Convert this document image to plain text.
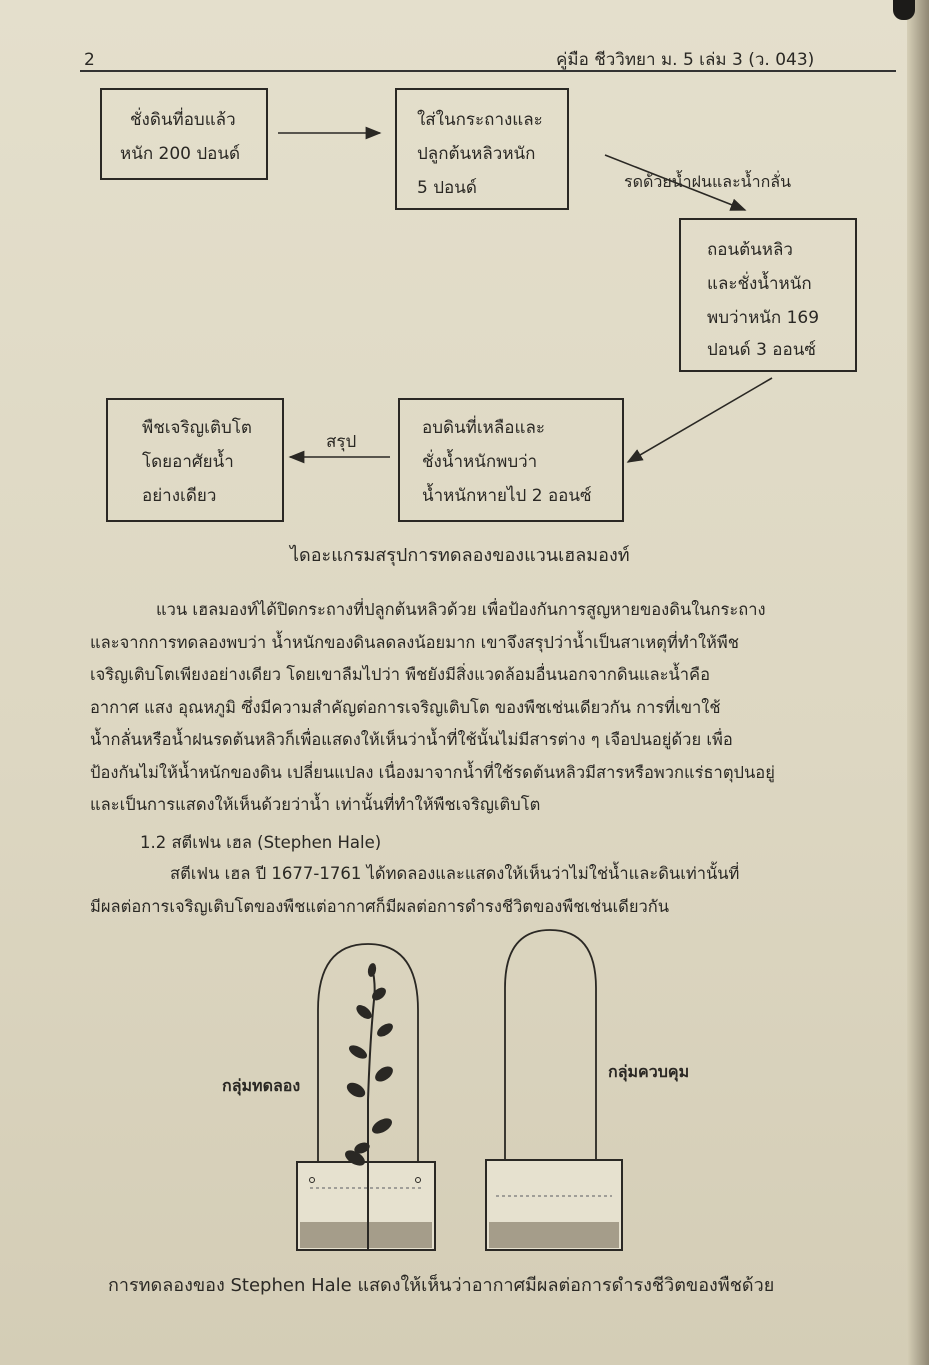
2	คู่มือ ชีววิทยา ม. 5 เล่ม 3 (ว. 043)
ชั่งดินที่อบแล้ว
หนัก 200 ปอนด์
ใส่ในกระถางและ
ปลูกต้นหลิวหนัก
5 ปอนด์	รดด้วยน้ำฝนและน้ำกลั่น
ถอนต้นหลิว
และชั่งน้ำหนัก
พบว่าหนัก 169
ปอนด์ 3 ออนซ์
อบดินที่เหลือและ
ชั่งน้ำหนักพบว่า
น้ำหนักหายไป 2 ออนซ์
สรุป
พืชเจริญเติบโต
โดยอาศัยน้ำ
อย่างเดียว
ไดอะแกรมสรุปการทดลองของแวนเฮลมองท์

แวน เฮลมองท์ได้ปิดกระถางที่ปลูกต้นหลิวด้วย เพื่อป้องกันการสูญหายของดินในกระถาง

และจากการทดลองพบว่า น้ำหนักของดินลดลงน้อยมาก เขาจึงสรุปว่าน้ำเป็นสาเหตุที่ทำให้พืช

เจริญเติบโตเพียงอย่างเดียว โดยเขาลืมไปว่า พืชยังมีสิ่งแวดล้อมอื่นนอกจากดินและน้ำคือ

อากาศ แสง อุณหภูมิ ซึ่งมีความสำคัญต่อการเจริญเติบโต ของพืชเช่นเดียวกัน การที่เขาใช้

น้ำกลั่นหรือน้ำฝนรดต้นหลิวก็เพื่อแสดงให้เห็นว่าน้ำที่ใช้นั้นไม่มีสารต่าง ๆ เจือปนอยู่ด้วย เพื่อ

ป้องกันไม่ให้น้ำหนักของดิน เปลี่ยนแปลง เนื่องมาจากน้ำที่ใช้รดต้นหลิวมีสารหรือพวกแร่ธาตุปนอยู่

และเป็นการแสดงให้เห็นด้วยว่าน้ำ เท่านั้นที่ทำให้พืชเจริญเติบโต

1.2 สตีเฟน เฮล (Stephen Hale)

สตีเฟน เฮล ปี 1677-1761 ได้ทดลองและแสดงให้เห็นว่าไม่ใช่น้ำและดินเท่านั้นที่

มีผลต่อการเจริญเติบโตของพืชแต่อากาศก็มีผลต่อการดำรงชีวิตของพืชเช่นเดียวกัน

กลุ่มทดลอง
กลุ่มควบคุม
การทดลองของ Stephen Hale แสดงให้เห็นว่าอากาศมีผลต่อการดำรงชีวิตของพืชด้วย
